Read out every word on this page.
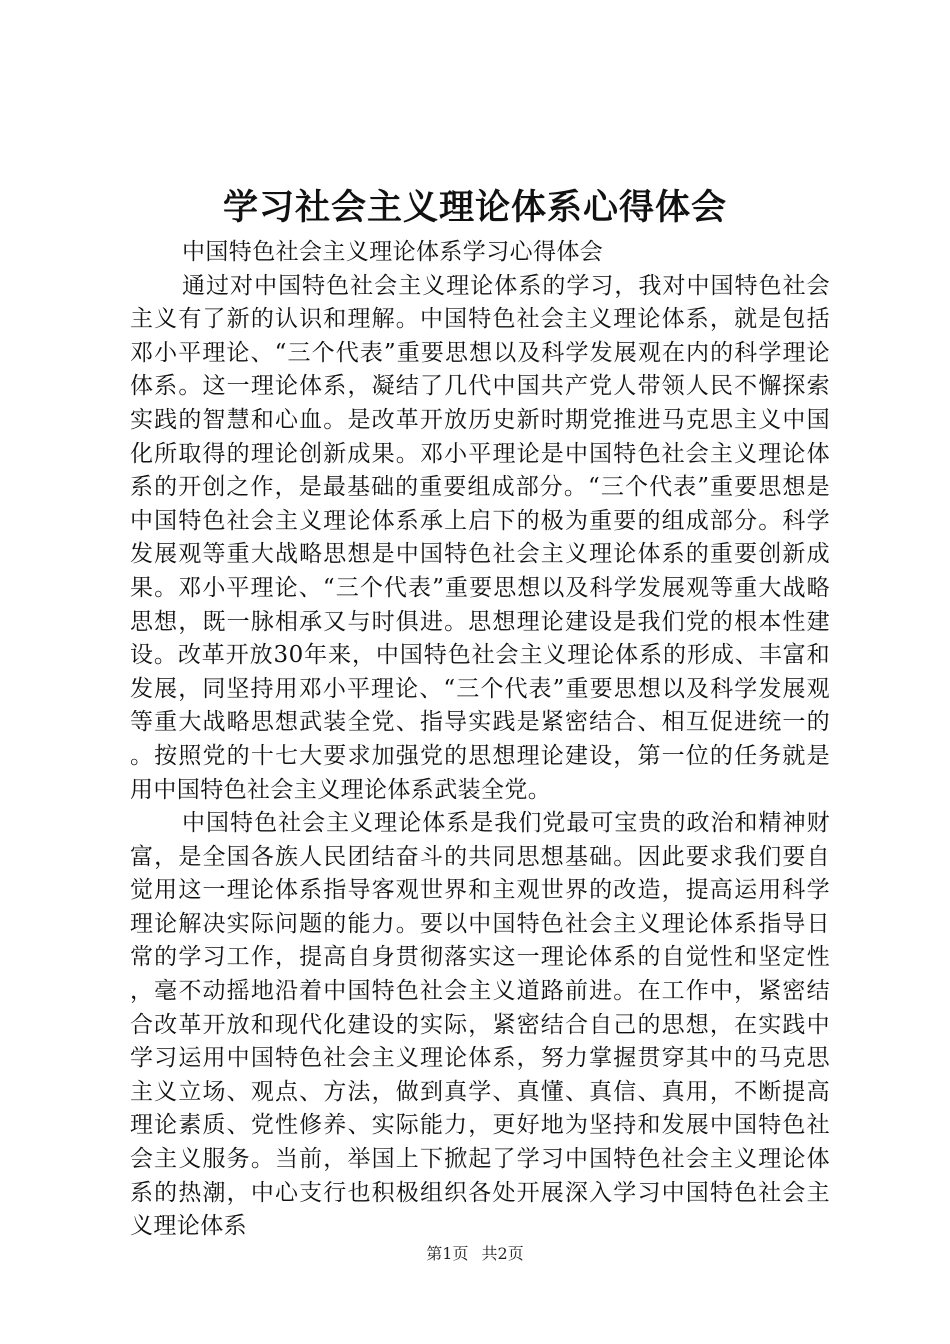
学习社会主义理论体系心得体会

中国特色社会主义理论体系学习心得体会

通过对中国特色社会主义理论体系的学习，我对中国特色社会主义有了新的认识和理解。中国特色社会主义理论体系，就是包括邓小平理论、“三个代表”重要思想以及科学发展观在内的科学理论体系。这一理论体系，凝结了几代中国共产党人带领人民不懈探索实践的智慧和心血。是改革开放历史新时期党推进马克思主义中国化所取得的理论创新成果。邓小平理论是中国特色社会主义理论体系的开创之作，是最基础的重要组成部分。“三个代表”重要思想是中国特色社会主义理论体系承上启下的极为重要的组成部分。科学发展观等重大战略思想是中国特色社会主义理论体系的重要创新成果。邓小平理论、“三个代表”重要思想以及科学发展观等重大战略思想，既一脉相承又与时俱进。思想理论建设是我们党的根本性建设。改革开放30年来，中国特色社会主义理论体系的形成、丰富和发展，同坚持用邓小平理论、“三个代表”重要思想以及科学发展观等重大战略思想武装全党、指导实践是紧密结合、相互促进统一的。按照党的十七大要求加强党的思想理论建设，第一位的任务就是用中国特色社会主义理论体系武装全党。

中国特色社会主义理论体系是我们党最可宝贵的政治和精神财富，是全国各族人民团结奋斗的共同思想基础。因此要求我们要自觉用这一理论体系指导客观世界和主观世界的改造，提高运用科学理论解决实际问题的能力。要以中国特色社会主义理论体系指导日常的学习工作，提高自身贯彻落实这一理论体系的自觉性和坚定性，毫不动摇地沿着中国特色社会主义道路前进。在工作中，紧密结合改革开放和现代化建设的实际，紧密结合自己的思想，在实践中学习运用中国特色社会主义理论体系，努力掌握贯穿其中的马克思主义立场、观点、方法，做到真学、真懂、真信、真用，不断提高理论素质、党性修养、实际能力，更好地为坚持和发展中国特色社会主义服务。当前，举国上下掀起了学习中国特色社会主义理论体系的热潮，中心支行也积极组织各处开展深入学习中国特色社会主义理论体系

第1页 共2页
